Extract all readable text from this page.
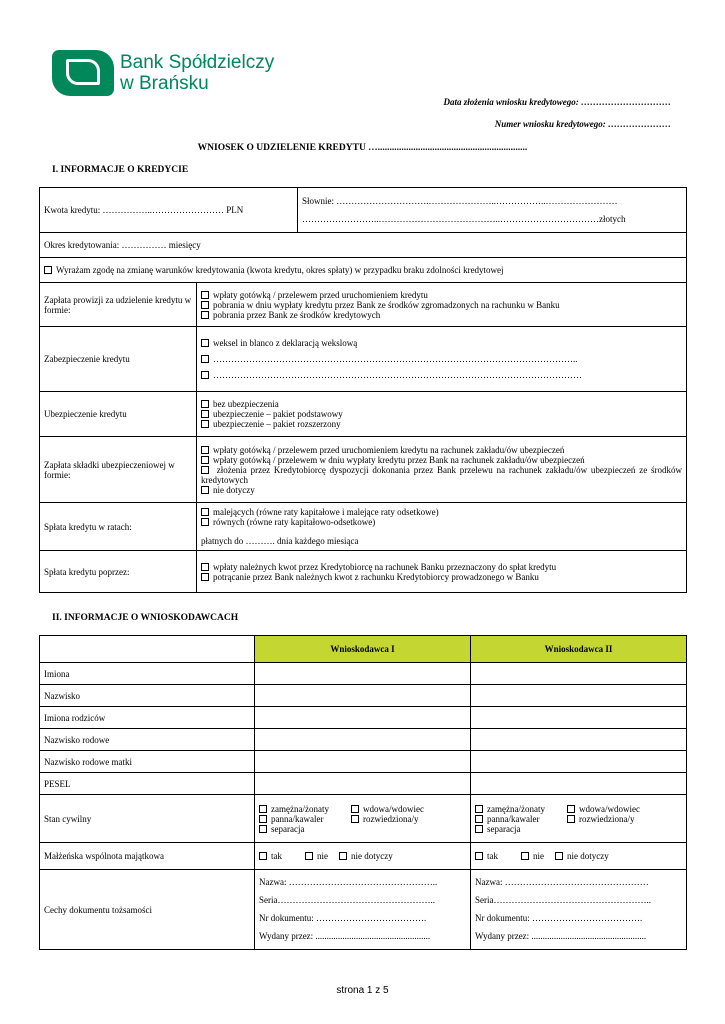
Bank Spółdzielczy
w Brańsku
Data złożenia wniosku kredytowego: …………………………
Numer wniosku kredytowego: …………………
WNIOSEK O UDZIELENIE KREDYTU …...............................................................
I. INFORMACJE O KREDYCIE
Kwota kredytu: ……………..…………………… PLN		Słownie: ………………………….…………………..……………..……………………
……………………..…………………………………..……………………………złotych

Okres kredytowania: …………… miesięcy		
Wyrażam zgodę na zmianę warunków kredytowania (kwota kredytu, okres spłaty) w przypadku braku zdolności kredytowej		
Zapłata prowizji za udzielenie kredytu w formie:	wpłaty gotówką / przelewem przed uruchomieniem kredytu
pobrania w dniu wypłaty kredytu przez Bank ze środków zgromadzonych na rachunku w Banku
pobrania przez Bank ze środków kredytowych	

Zabezpieczenie kredytu	weksel in blanco z deklaracją wekslową
…………………………………………………………………………………………………………..
……………………………………………………………………………………………………………	

Ubezpieczenie kredytu	bez ubezpieczenia
ubezpieczenie – pakiet podstawowy
ubezpieczenie – pakiet rozszerzony	

Zapłata składki ubezpieczeniowej w formie:	wpłaty gotówką / przelewem przed uruchomieniem kredytu na rachunek zakładu/ów ubezpieczeń
wpłaty gotówką / przelewem w dniu wypłaty kredytu przez Bank na rachunek zakładu/ów ubezpieczeń
złożenia przez Kredytobiorcę dyspozycji dokonania przez Bank przelewu na rachunek zakładu/ów ubezpieczeń ze środków kredytowych
nie dotyczy	

Spłata kredytu w ratach:	malejących (równe raty kapitałowe i malejące raty odsetkowe)
równych (równe raty kapitałowo-odsetkowe)
płatnych do ………. dnia każdego miesiąca	

Spłata kredytu poprzez:	wpłaty należnych kwot przez Kredytobiorcę na rachunek Banku przeznaczony do spłat kredytu
potrącanie przez Bank należnych kwot z rachunku Kredytobiorcy prowadzonego w Banku	
II. INFORMACJE O WNIOSKODAWCACH
	Wnioskodawca I	Wnioskodawca II
Imiona		
Nazwisko		
Imiona rodziców		
Nazwisko rodowe		
Nazwisko rodowe matki		
PESEL		
Stan cywilny	zamężna/żonaty wdowa/wdowiec
panna/kawaler rozwiedziona/y
separacja	zamężna/żonaty wdowa/wdowiec
panna/kawaler rozwiedziona/y
separacja

Małżeńska wspólnota majątkowa	tak nie nie dotyczy	tak nie nie dotyczy
Cechy dokumentu tożsamości	Nazwa: …………………………………………..
Seria……………………………………………..
Nr dokumentu: ……………………………….
Wydany przez: ...................................................	Nazwa: …………………………………………
Seria……………………………………………..
Nr dokumentu: ……………………………….
Wydany przez: ...................................................
strona 1 z 5
